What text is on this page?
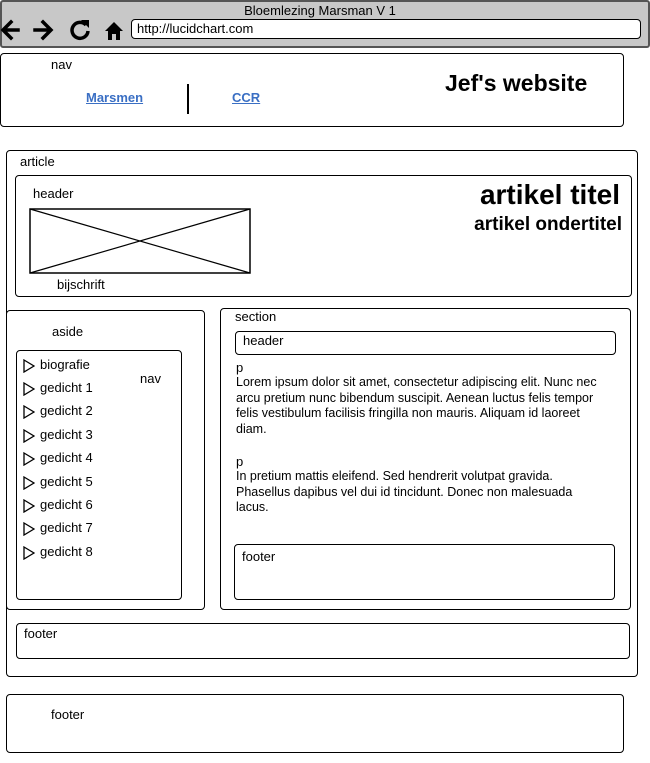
Bloemlezing Marsman V 1
http://lucidchart.com
nav
Marsmen	CCR
Jef's website
article
header
bijschrift
artikel titel
artikel ondertitel
aside
nav
biografie
gedicht 1
gedicht 2
gedicht 3
gedicht 4
gedicht 5
gedicht 6
gedicht 7
gedicht 8
section
header
p
Lorem ipsum dolor sit amet, consectetur adipiscing elit. Nunc nec arcu pretium nunc bibendum suscipit. Aenean luctus felis tempor felis vestibulum facilisis fringilla non mauris. Aliquam id laoreet diam.
p
In pretium mattis eleifend. Sed hendrerit volutpat gravida. Phasellus dapibus vel dui id tincidunt. Donec non malesuada lacus.
footer
footer
footer
